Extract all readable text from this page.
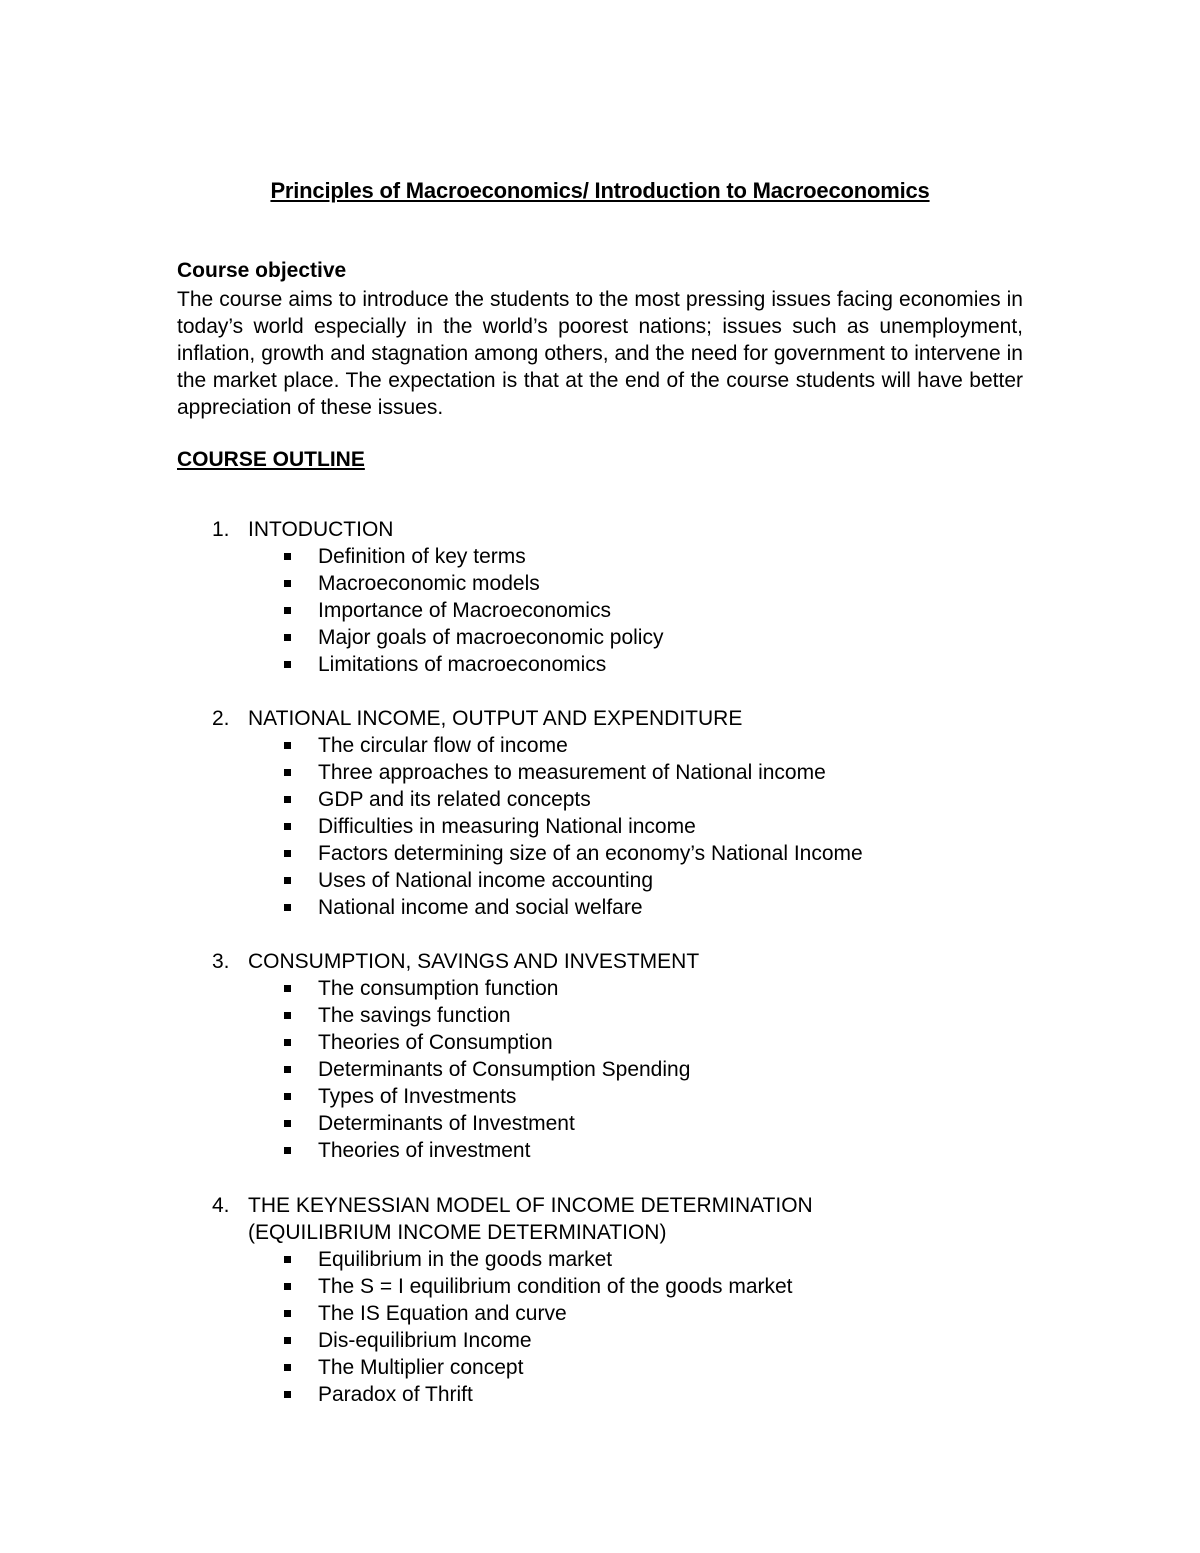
Principles of Macroeconomics/ Introduction to Macroeconomics
Course objective
The course aims to introduce the students to the most pressing issues facing economies in today’s world especially in the world’s poorest nations; issues such as unemployment, inflation, growth and stagnation among others, and the need for government to intervene in the market place. The expectation is that at the end of the course students will have better appreciation of these issues.
COURSE OUTLINE
1. INTODUCTION
Definition of key terms
Macroeconomic models
Importance of Macroeconomics
Major goals of macroeconomic policy
Limitations of macroeconomics
2. NATIONAL INCOME, OUTPUT AND EXPENDITURE
The circular flow of income
Three approaches to measurement of National income
GDP and its related concepts
Difficulties in measuring National income
Factors determining size of an economy’s National Income
Uses of National income accounting
National income and social welfare
3. CONSUMPTION, SAVINGS AND INVESTMENT
The consumption function
The savings function
Theories of Consumption
Determinants of Consumption Spending
Types of Investments
Determinants of Investment
Theories of investment
4. THE KEYNESSIAN MODEL OF INCOME DETERMINATION
(EQUILIBRIUM INCOME DETERMINATION)
Equilibrium in the goods market
The S = I equilibrium condition of the goods market
The IS Equation and curve
Dis-equilibrium Income
The Multiplier concept
Paradox of Thrift
